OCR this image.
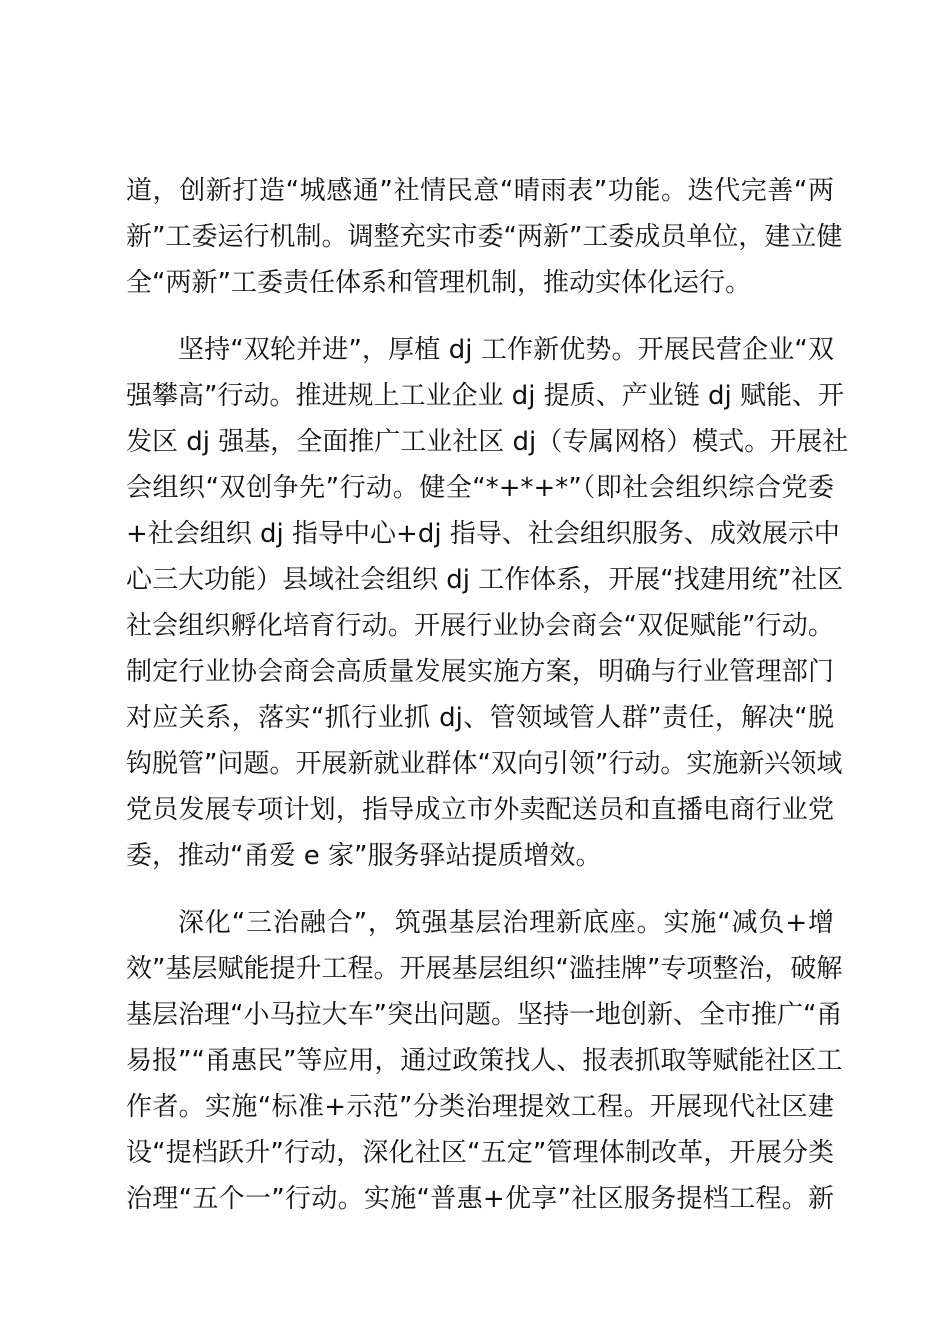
道，创新打造“城感通”社情民意“晴雨表”功能。迭代完善“两
新”工委运行机制。调整充实市委“两新”工委成员单位，建立健
全“两新”工委责任体系和管理机制，推动实体化运行。
坚持“双轮并进”，厚植 dj 工作新优势。开展民营企业“双
强攀高”行动。推进规上工业企业 dj 提质、产业链 dj 赋能、开
发区 dj 强基，全面推广工业社区 dj（专属网格）模式。开展社
会组织“双创争先”行动。健全“*+*+*”（即社会组织综合党委
+社会组织 dj 指导中心+dj 指导、社会组织服务、成效展示中
心三大功能）县域社会组织 dj 工作体系，开展“找建用统”社区
社会组织孵化培育行动。开展行业协会商会“双促赋能”行动。
制定行业协会商会高质量发展实施方案，明确与行业管理部门
对应关系，落实“抓行业抓 dj、管领域管人群”责任，解决“脱
钩脱管”问题。开展新就业群体“双向引领”行动。实施新兴领域
党员发展专项计划，指导成立市外卖配送员和直播电商行业党
委，推动“甬爱 e 家”服务驿站提质增效。
深化“三治融合”，筑强基层治理新底座。实施“减负+增
效”基层赋能提升工程。开展基层组织“滥挂牌”专项整治，破解
基层治理“小马拉大车”突出问题。坚持一地创新、全市推广“甬
易报”“甬惠民”等应用，通过政策找人、报表抓取等赋能社区工
作者。实施“标准+示范”分类治理提效工程。开展现代社区建
设“提档跃升”行动，深化社区“五定”管理体制改革，开展分类
治理“五个一”行动。实施“普惠+优享”社区服务提档工程。新
